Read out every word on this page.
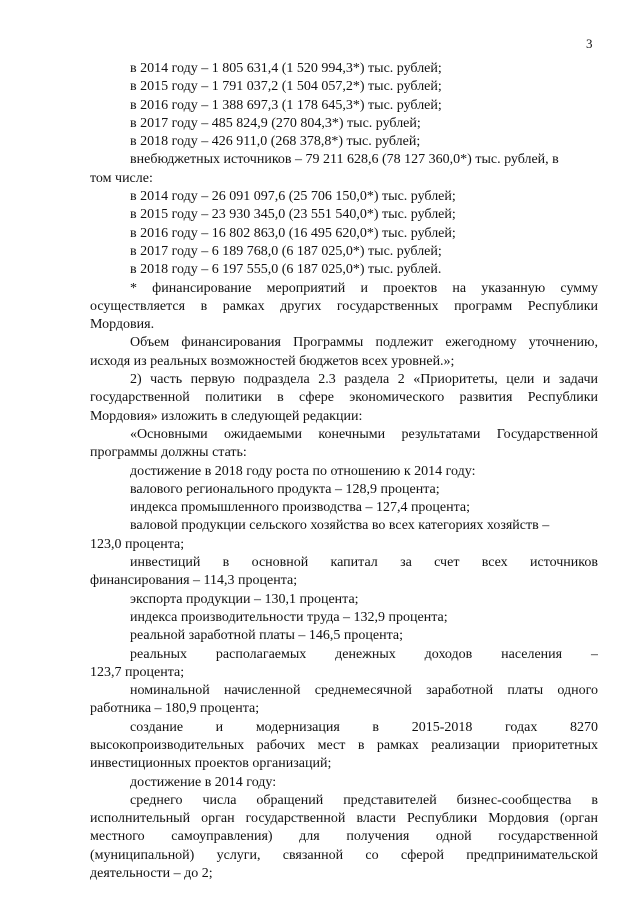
3
в 2014 году – 1 805 631,4 (1 520 994,3*) тыс. рублей;
в 2015 году – 1 791 037,2 (1 504 057,2*) тыс. рублей;
в 2016 году – 1 388 697,3 (1 178 645,3*) тыс. рублей;
в 2017 году – 485 824,9 (270 804,3*) тыс. рублей;
в 2018 году – 426 911,0 (268 378,8*) тыс. рублей;
внебюджетных источников – 79 211 628,6 (78 127 360,0*) тыс. рублей, в
том числе:
в 2014 году – 26 091 097,6 (25 706 150,0*) тыс. рублей;
в 2015 году – 23 930 345,0 (23 551 540,0*) тыс. рублей;
в 2016 году – 16 802 863,0 (16 495 620,0*) тыс. рублей;
в 2017 году – 6 189 768,0 (6 187 025,0*) тыс. рублей;
в 2018 году – 6 197 555,0 (6 187 025,0*) тыс. рублей.
* финансирование мероприятий и проектов на указанную сумму
осуществляется в рамках других государственных программ Республики
Мордовия.
Объем финансирования Программы подлежит ежегодному уточнению,
исходя из реальных возможностей бюджетов всех уровней.»;
2) часть первую подраздела 2.3 раздела 2 «Приоритеты, цели и задачи
государственной политики в сфере экономического развития Республики
Мордовия» изложить в следующей редакции:
«Основными ожидаемыми конечными результатами Государственной
программы должны стать:
достижение в 2018 году роста по отношению к 2014 году:
валового регионального продукта – 128,9 процента;
индекса промышленного производства – 127,4 процента;
валовой продукции сельского хозяйства во всех категориях хозяйств –
123,0 процента;
инвестиций в основной капитал за счет всех источников
финансирования – 114,3 процента;
экспорта продукции – 130,1 процента;
индекса производительности труда – 132,9 процента;
реальной заработной платы – 146,5 процента;
реальных располагаемых денежных доходов населения –
123,7 процента;
номинальной начисленной среднемесячной заработной платы одного
работника – 180,9 процента;
создание и модернизация в 2015-2018 годах 8270
высокопроизводительных рабочих мест в рамках реализации приоритетных
инвестиционных проектов организаций;
достижение в 2014 году:
среднего числа обращений представителей бизнес-сообщества в
исполнительный орган государственной власти Республики Мордовия (орган
местного самоуправления) для получения одной государственной
(муниципальной) услуги, связанной со сферой предпринимательской
деятельности – до 2;
